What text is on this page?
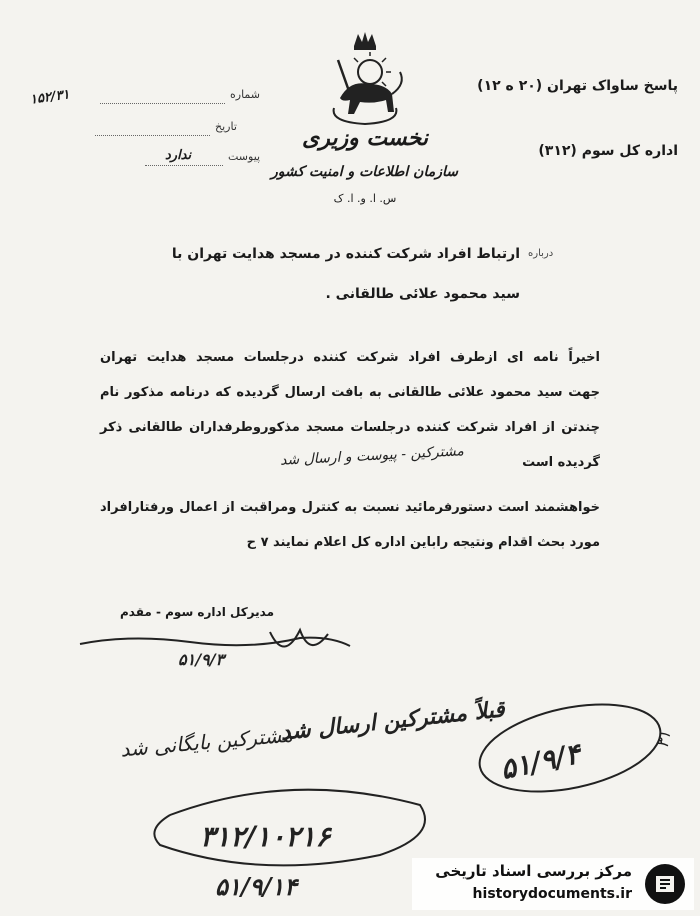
پاسخ ساواک تهران (۲۰ ه ۱۲)
اداره کل سوم (۳۱۲)
شماره
۱۵۲/۳۱
تاریخ
پیوست
ندارد
نخست وزیری
سازمان اطلاعات و امنیت کشور
س. ا. و. ا. ک
درباره
ارتباط افراد شرکت کننده در مسجد هدایت تهران با
سید محمود علائی طالقانی .
اخیراً نامه ای ازطرف افراد شرکت کننده درجلسات مسجد هدایت تهران
جهت سید محمود علائی طالقانی به بافت ارسال گردیده که درنامه مذکور نام
چندتن از افراد شرکت کننده درجلسات مسجد مذکوروطرفداران طالقانی ذکر
گردیده است
مشترکین - پیوست و ارسال شد
خواهشمند است دستورفرمائید نسبت به کنترل ومراقبت از اعمال ورفتارافراد
مورد بحث اقدام ونتیجه راباین اداره کل اعلام نمایند ۷ ح
مدیرکل اداره سوم - مقدم
۵۱/۹/۳
قبلاً مشترکین ارسال شد
مشترکین بایگانی شد	۵۱/۹/۴	۳۱
۳۱۲/۱۰۲۱۶
۵۱/۹/۱۴
مرکز بررسی اسناد تاریخی
historydocuments.ir
